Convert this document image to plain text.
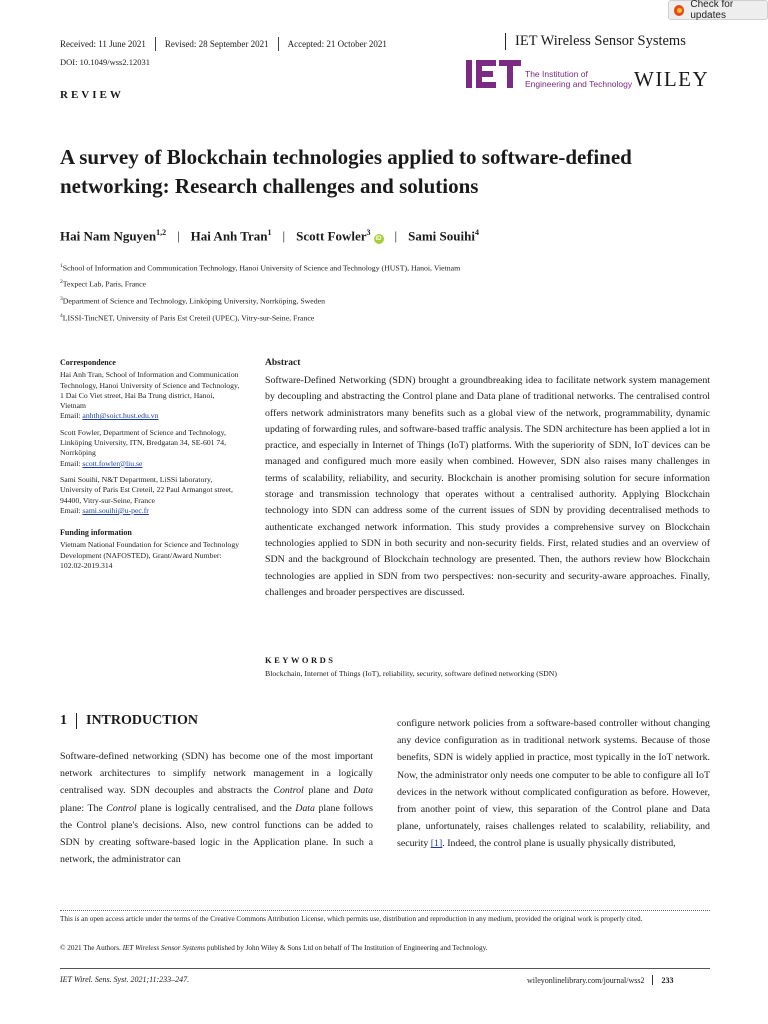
Check for updates
Received: 11 June 2021 Revised: 28 September 2021 Accepted: 21 October 2021	IET Wireless Sensor Systems
DOI: 10.1049/wss2.12031
The Institution of
Engineering and Technology WILEY
REVIEW
A survey of Blockchain technologies applied to software-defined networking: Research challenges and solutions
Hai Nam Nguyen$^{1,2}$ | Hai Anh Tran$^1$ | Scott Fowler$^3$iD | Sami Souihi$^4$
$^1$School of Information and Communication Technology, Hanoi University of Science and Technology (HUST), Hanoi, Vietnam
$^2$Texpect Lab, Paris, France
$^3$Department of Science and Technology, Linköping University, Norrköping, Sweden
$^4$LISSI-TincNET, University of Paris Est Creteil (UPEC), Vitry-sur-Seine, France
Correspondence

Hai Anh Tran, School of Information and Communication Technology, Hanoi University of Science and Technology, 1 Dai Co Viet street, Hai Ba Trung district, Hanoi, Vietnam
Email: anhth@soict.hust.edu.vn

Scott Fowler, Department of Science and Technology, Linköping University, ITN, Bredgatan 34, SE-601 74, Norrköping
Email: scott.fowler@liu.se

Sami Souihi, N&T Department, LiSSi laboratory, University of Paris Est Creteil, 22 Paul Armangot street, 94400, Vitry-sur-Seine, France
Email: sami.souihi@u-pec.fr

Funding information

Vietnam National Foundation for Science and Technology Development (NAFOSTED), Grant/Award Number: 102.02-2019.314

Abstract
Software-Defined Networking (SDN) brought a groundbreaking idea to facilitate network system management by decoupling and abstracting the Control plane and Data plane of traditional networks. The centralised control offers network administrators many benefits such as a global view of the network, programmability, dynamic updating of forwarding rules, and software-based traffic analysis. The SDN architecture has been applied a lot in practice, and especially in Internet of Things (IoT) platforms. With the superiority of SDN, IoT devices can be managed and configured much more easily when combined. However, SDN also raises many challenges in terms of scalability, reliability, and security. Blockchain is another promising solution for secure information storage and transmission technology that operates without a centralised authority. Applying Blockchain technology into SDN can address some of the current issues of SDN by providing decentralised methods to authenticate exchanged network information. This study provides a comprehensive survey on Blockchain technologies applied to SDN in both security and non-security fields. First, related studies and an overview of SDN and the background of Blockchain technology are presented. Then, the authors review how Blockchain technologies are applied in SDN from two perspectives: non-security and security-aware approaches. Finally, challenges and broader perspectives are discussed.
KEYWORDS
Blockchain, Internet of Things (IoT), reliability, security, software defined networking (SDN)
1 INTRODUCTION
Software-defined networking (SDN) has become one of the most important network architectures to simplify network management in a logically centralised way. SDN decouples and abstracts the Control plane and Data plane: The Control plane is logically centralised, and the Data plane follows the Control plane's decisions. Also, new control functions can be added to SDN by creating software-based logic in the Application plane. In such a network, the administrator can
configure network policies from a software-based controller without changing any device configuration as in traditional network systems. Because of those benefits, SDN is widely applied in practice, most typically in the IoT network. Now, the administrator only needs one computer to be able to configure all IoT devices in the network without complicated configuration as before. However, from another point of view, this separation of the Control plane and Data plane, unfortunately, raises challenges related to scalability, reliability, and security [1]. Indeed, the control plane is usually physically distributed,
This is an open access article under the terms of the Creative Commons Attribution License, which permits use, distribution and reproduction in any medium, provided the original work is properly cited.
© 2021 The Authors. IET Wireless Sensor Systems published by John Wiley & Sons Ltd on behalf of The Institution of Engineering and Technology.
IET Wirel. Sens. Syst. 2021;11:233–247.	wileyonlinelibrary.com/journal/wss2 233
